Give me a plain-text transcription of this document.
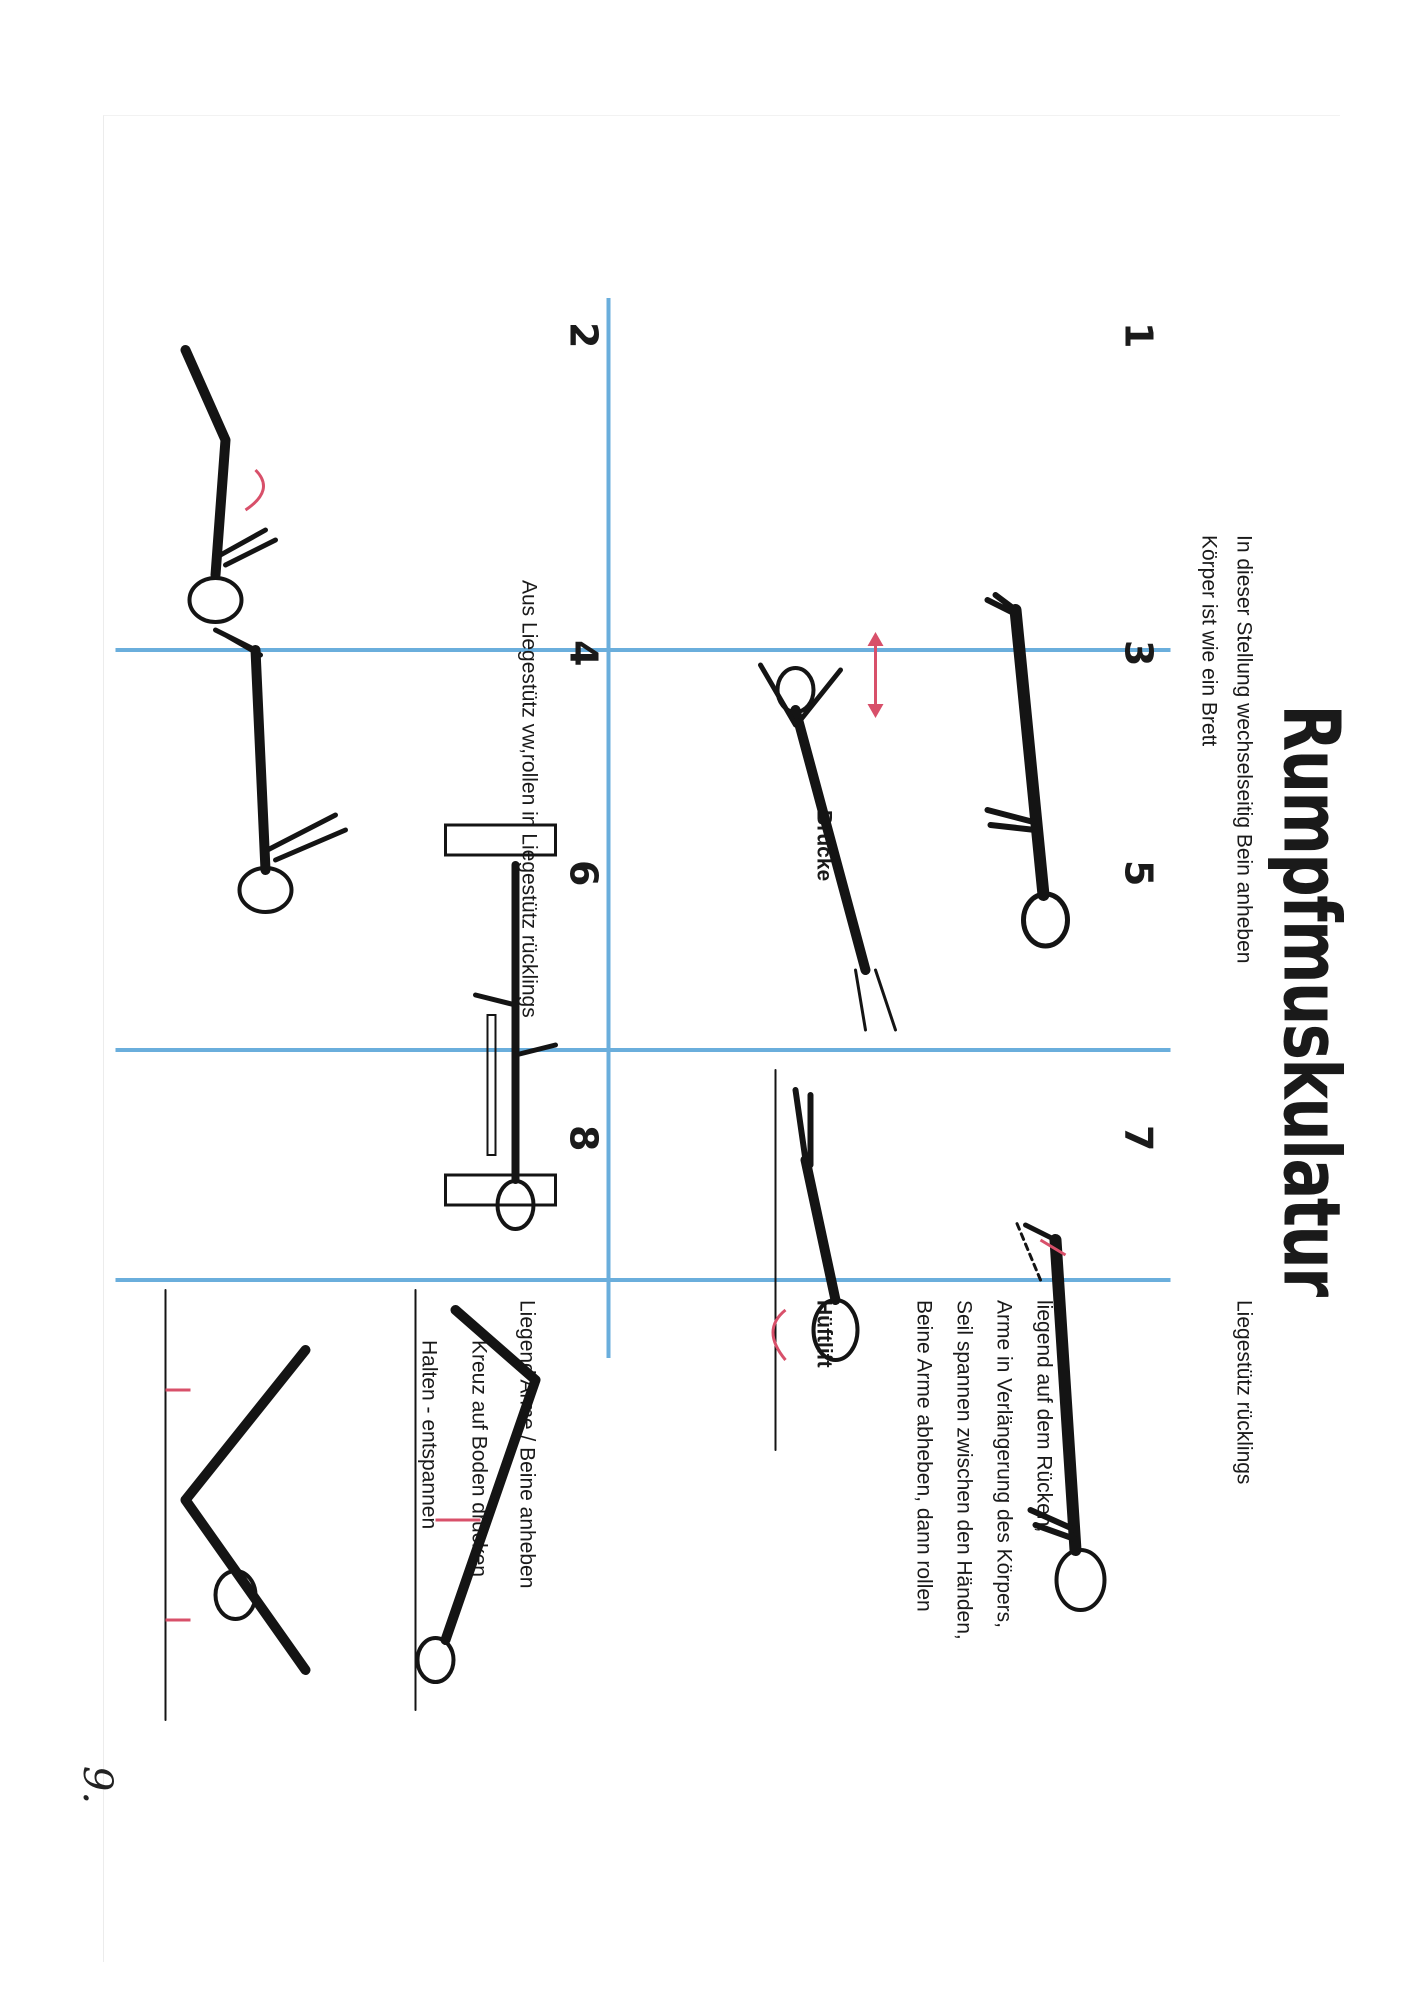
Rumpfmuskulatur
1
2
3
4
5
6
7
8
In dieser Stellung wechselseitig Bein anheben
Körper ist wie ein Brett
Liegestütz rücklings
liegend auf dem Rücken,
Arme in Verlängerung des Körpers,
Seil spannen zwischen den Händen,
Beine Arme abheben, dann rollen
Brücke
Hüftlift
Aus Liegestütz vw,rollen in Liegestütz rücklings
Liegend Arme / Beine anheben
Kreuz auf Boden drücken
Halten - entspannen
9.
